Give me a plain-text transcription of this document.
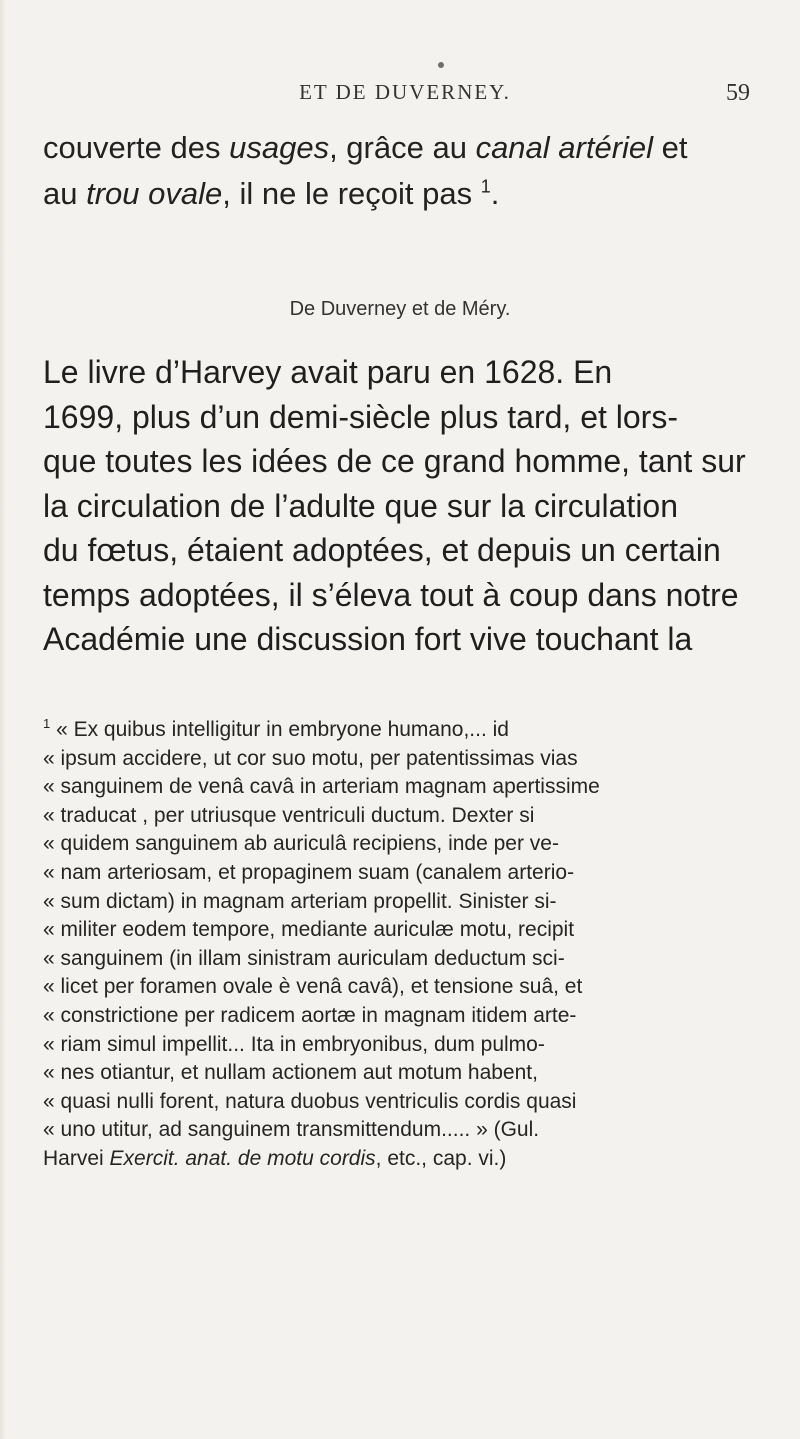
ET DE DUVERNEY.	59
couverte des usages, grâce au canal artériel et
au trou ovale, il ne le reçoit pas $^1$.
De Duverney et de Méry.
Le livre d’Harvey avait paru en 1628. En
1699, plus d’un demi-siècle plus tard, et lors-
que toutes les idées de ce grand homme, tant sur
la circulation de l’adulte que sur la circulation
du fœtus, étaient adoptées, et depuis un certain
temps adoptées, il s’éleva tout à coup dans notre
Académie une discussion fort vive touchant la
$^1$ « Ex quibus intelligitur in embryone humano,... id
« ipsum accidere, ut cor suo motu, per patentissimas vias
« sanguinem de venâ cavâ in arteriam magnam apertissime
« traducat , per utriusque ventriculi ductum. Dexter si
« quidem sanguinem ab auriculâ recipiens, inde per ve-
« nam arteriosam, et propaginem suam (canalem arterio-
« sum dictam) in magnam arteriam propellit. Sinister si-
« militer eodem tempore, mediante auriculæ motu, recipit
« sanguinem (in illam sinistram auriculam deductum sci-
« licet per foramen ovale è venâ cavâ), et tensione suâ, et
« constrictione per radicem aortæ in magnam itidem arte-
« riam simul impellit... Ita in embryonibus, dum pulmo-
« nes otiantur, et nullam actionem aut motum habent,
« quasi nulli forent, natura duobus ventriculis cordis quasi
« uno utitur, ad sanguinem transmittendum..... » (Gul.
Harvei Exercit. anat. de motu cordis, etc., cap. vi.)
